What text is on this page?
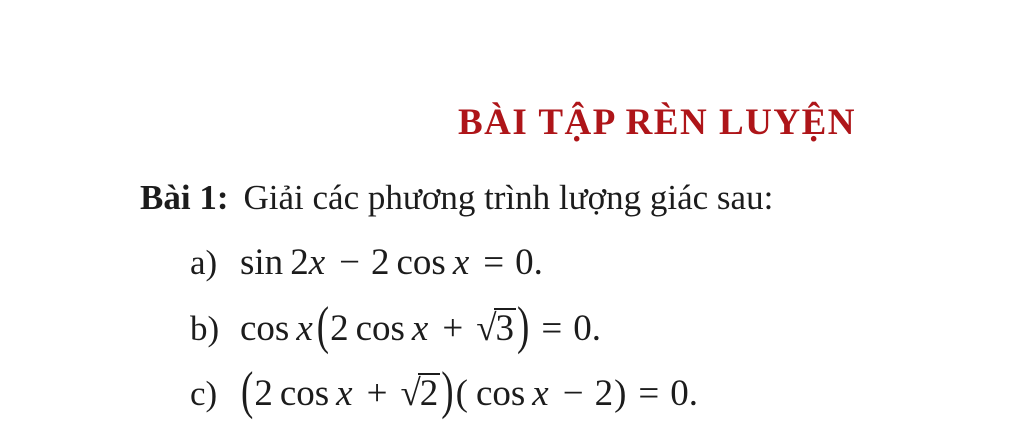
BÀI TẬP RÈN LUYỆN
Bài 1: Giải các phương trình lượng giác sau:
a) sin 2x − 2 cos x = 0.
b) cos x (2 cos x + √3) = 0.
c) (2 cos x + √2)( cos x − 2) = 0.
